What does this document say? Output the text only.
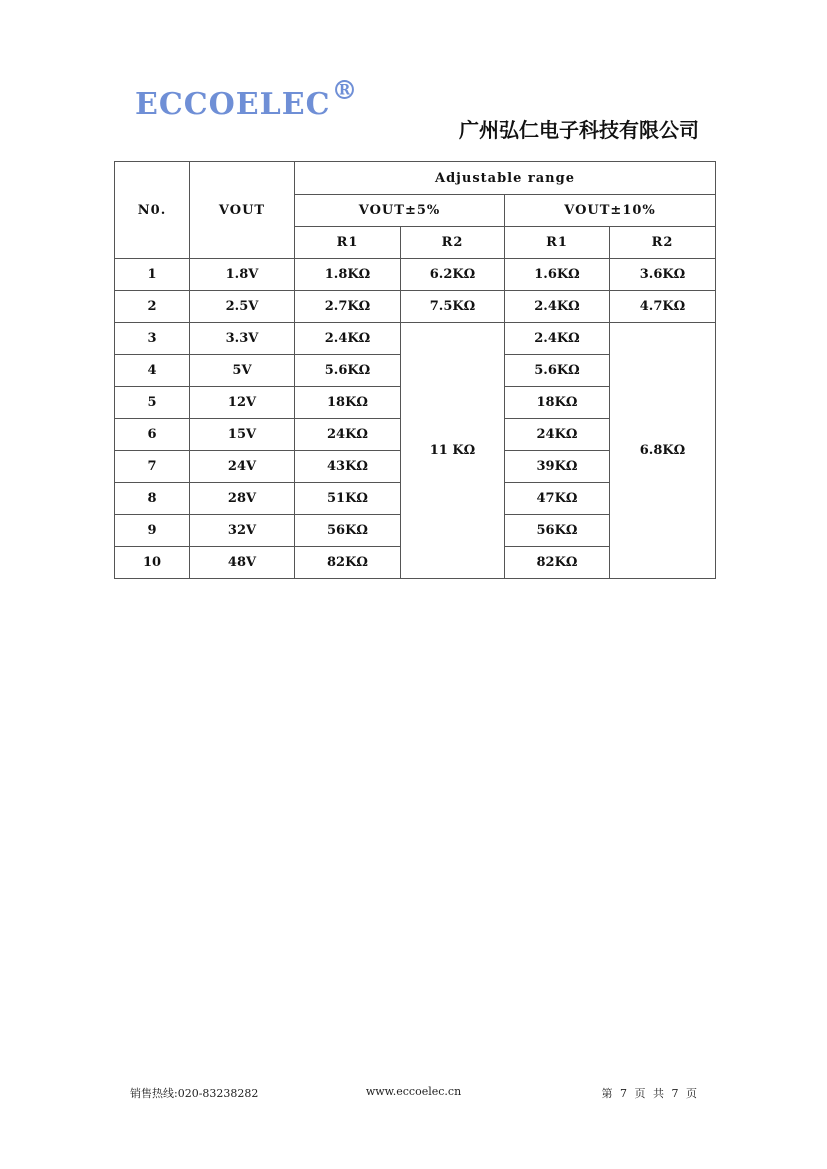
ECCOELEC®
广州弘仁电子科技有限公司
N0.	VOUT	Adjustable range			
		VOUT±5%		VOUT±10%	
		R1	R2	R1	R2
1	1.8V	1.8KΩ	6.2KΩ	1.6KΩ	3.6KΩ
2	2.5V	2.7KΩ	7.5KΩ	2.4KΩ	4.7KΩ
3	3.3V	2.4KΩ	11 KΩ	2.4KΩ	6.8KΩ
4	5V	5.6KΩ		5.6KΩ	
5	12V	18KΩ		18KΩ	
6	15V	24KΩ		24KΩ	
7	24V	43KΩ		39KΩ	
8	28V	51KΩ		47KΩ	
9	32V	56KΩ		56KΩ	
10	48V	82KΩ		82KΩ	
销售热线:020-83238282	www.eccoelec.cn	第 7 页 共 7 页
